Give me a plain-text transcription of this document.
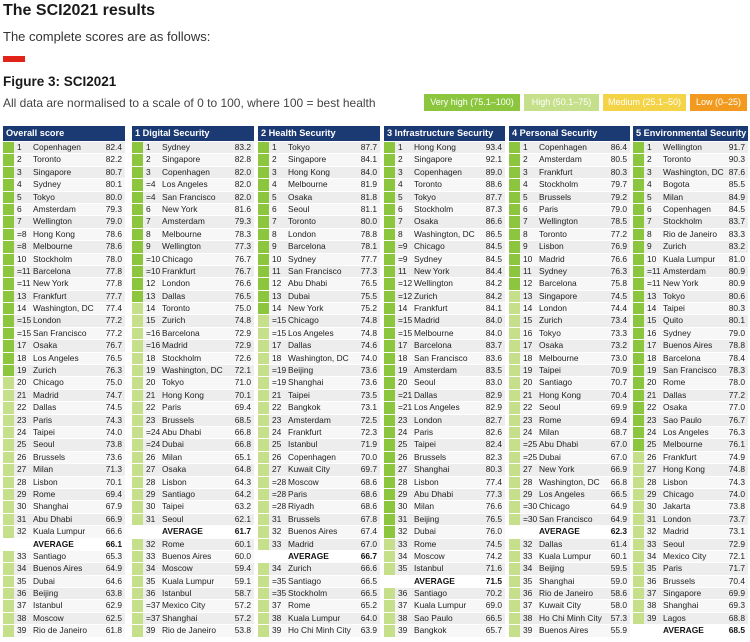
The SCI2021 results
The complete scores are as follows:
Figure 3: SCI2021
All data are normalised to a scale of 0 to 100, where 100 = best health	Very high (75.1–100)	High (50.1–75)	Medium (25.1–50)	Low (0–25)
Overall score
1	Copenhagen	82.4
2	Toronto	82.2
3	Singapore	80.7
4	Sydney	80.1
5	Tokyo	80.0
6	Amsterdam	79.3
7	Wellington	79.0
=8 Hong Kong	78.6
=8 Melbourne	78.6
10 Stockholm	78.0
=11 Barcelona	77.8
=11 New York	77.8
13 Frankfurt	77.7
14 Washington, DC	77.4
=15 London	77.2
=15 San Francisco	77.2
17 Osaka	76.7
18 Los Angeles	76.5
19 Zurich	76.3
20 Chicago	75.0
21 Madrid	74.7
22 Dallas	74.5
23 Paris	74.3
24 Taipei	74.0
25 Seoul	73.8
26 Brussels	73.6
27 Milan	71.3
28 Lisbon	70.1
29 Rome	69.4
30 Shanghai	67.9
31 Abu Dhabi	66.9
32 Kuala Lumpur	66.6
AVERAGE	66.1
33 Santiago	65.3
34 Buenos Aires	64.9
35 Dubai	64.6
36 Beijing	63.8
37 Istanbul	62.9
38 Moscow	62.5
39 Rio de Janeiro	61.8
1 Digital Security
1	Sydney	83.2
2	Singapore	82.8
3	Copenhagen	82.0
=4 Los Angeles	82.0
=4 San Francisco	82.0
6	New York	81.6
7	Amsterdam	79.3
8	Melbourne	78.3
9	Wellington	77.3
=10 Chicago	76.7
=10 Frankfurt	76.7
12 London	76.6
13 Dallas	76.5
14 Toronto	75.0
15 Zurich	74.8
=16 Barcelona	72.9
=16 Madrid	72.9
18 Stockholm	72.6
19 Washington, DC	72.1
20 Tokyo	71.0
21 Hong Kong	70.1
22 Paris	69.4
23 Brussels	68.5
=24 Abu Dhabi	66.8
=24 Dubai	66.8
26 Milan	65.1
27 Osaka	64.8
28 Lisbon	64.3
29 Santiago	64.2
30 Taipei	63.2
31 Seoul	62.1
AVERAGE	61.7
32 Rome	60.1
33 Buenos Aires	60.0
34 Moscow	59.4
35 Kuala Lumpur	59.1
36 Istanbul	58.7
=37 Mexico City	57.2
=37 Shanghai	57.2
39 Rio de Janeiro	53.8
2 Health Security
1	Tokyo	87.7
2	Singapore	84.1
3	Hong Kong	84.0
4	Melbourne	81.9
5	Osaka	81.8
6	Seoul	81.1
7	Toronto	80.0
8	London	78.8
9	Barcelona	78.1
10 Sydney	77.7
11 San Francisco	77.3
12 Abu Dhabi	76.5
13 Dubai	75.5
14 New York	75.2
=15 Chicago	74.8
=15 Los Angeles	74.8
17 Dallas	74.6
18 Washington, DC	74.0
=19 Beijing	73.6
=19 Shanghai	73.6
21 Taipei	73.5
22 Bangkok	73.1
23 Amsterdam	72.5
24 Frankfurt	72.3
25 Istanbul	71.9
26 Copenhagen	70.0
27 Kuwait City	69.7
=28 Moscow	68.6
=28 Paris	68.6
=28 Riyadh	68.6
31 Brussels	67.8
32 Buenos Aires	67.4
33 Madrid	67.0
AVERAGE	66.7
34 Zurich	66.6
=35 Santiago	66.5
=35 Stockholm	66.5
37 Rome	65.2
38 Kuala Lumpur	64.0
39 Ho Chi Minh City	63.9
3 Infrastructure Security
1	Hong Kong	93.4
2	Singapore	92.1
3	Copenhagen	89.0
4	Toronto	88.6
5	Tokyo	87.7
6	Stockholm	87.3
7	Osaka	86.6
8	Washington, DC	86.5
=9 Chicago	84.5
=9 Sydney	84.5
11 New York	84.4
=12 Wellington	84.2
=12 Zurich	84.2
14 Frankfurt	84.1
=15 Madrid	84.0
=15 Melbourne	84.0
17 Barcelona	83.7
18 San Francisco	83.6
19 Amsterdam	83.5
20 Seoul	83.0
=21 Dallas	82.9
=21 Los Angeles	82.9
23 London	82.7
24 Paris	82.6
25 Taipei	82.4
26 Brussels	82.3
27 Shanghai	80.3
28 Lisbon	77.4
29 Abu Dhabi	77.3
30 Milan	76.6
31 Beijing	76.5
32 Dubai	76.0
33 Rome	74.5
34 Moscow	74.2
35 Istanbul	71.6
AVERAGE	71.5
36 Santiago	70.2
37 Kuala Lumpur	69.0
38 Sao Paulo	66.5
39 Bangkok	65.7
4 Personal Security
1	Copenhagen	86.4
2	Amsterdam	80.5
3	Frankfurt	80.3
4	Stockholm	79.7
5	Brussels	79.2
6	Paris	79.0
7	Wellington	78.5
8	Toronto	77.2
9	Lisbon	76.9
10 Madrid	76.6
11 Sydney	76.3
12 Barcelona	75.8
13 Singapore	74.5
14 London	74.4
15 Zurich	73.4
16 Tokyo	73.3
17 Osaka	73.2
18 Melbourne	73.0
19 Taipei	70.9
20 Santiago	70.7
21 Hong Kong	70.4
22 Seoul	69.9
23 Rome	69.4
24 Milan	68.7
=25 Abu Dhabi	67.0
=25 Dubai	67.0
27 New York	66.9
28 Washington, DC	66.8
29 Los Angeles	66.5
=30 Chicago	64.9
=30 San Francisco	64.9
AVERAGE	62.3
32 Dallas	61.4
33 Kuala Lumpur	60.1
34 Beijing	59.5
35 Shanghai	59.0
36 Rio de Janeiro	58.6
37 Kuwait City	58.0
38 Ho Chi Minh City	57.3
39 Buenos Aires	55.9
5 Environmental Security
1	Wellington	91.7
2	Toronto	90.3
3	Washington, DC 87.6
4	Bogota	85.5
5	Milan	84.9
6	Copenhagen	84.5
7	Stockholm	83.7
8	Rio de Janeiro	83.3
9	Zurich	83.2
10 Kuala Lumpur	81.0
=11 Amsterdam	80.9
=11 New York	80.9
13 Tokyo	80.6
14 Taipei	80.3
15 Quito	80.1
16 Sydney	79.0
17 Buenos Aires	78.8
18 Barcelona	78.4
19 San Francisco	78.3
20 Rome	78.0
21 Dallas	77.2
22 Osaka	77.0
23 Sao Paulo	76.7
24 Los Angeles	76.3
25 Melbourne	76.1
26 Frankfurt	74.9
27 Hong Kong	74.8
28 Lisbon	74.3
29 Chicago	74.0
30 Jakarta	73.8
31 London	73.7
32 Madrid	73.1
33 Seoul	72.9
34 Mexico City	72.1
35 Paris	71.7
36 Brussels	70.4
37 Singapore	69.9
38 Shanghai	69.3
39 Lagos	68.8
AVERAGE	68.5
